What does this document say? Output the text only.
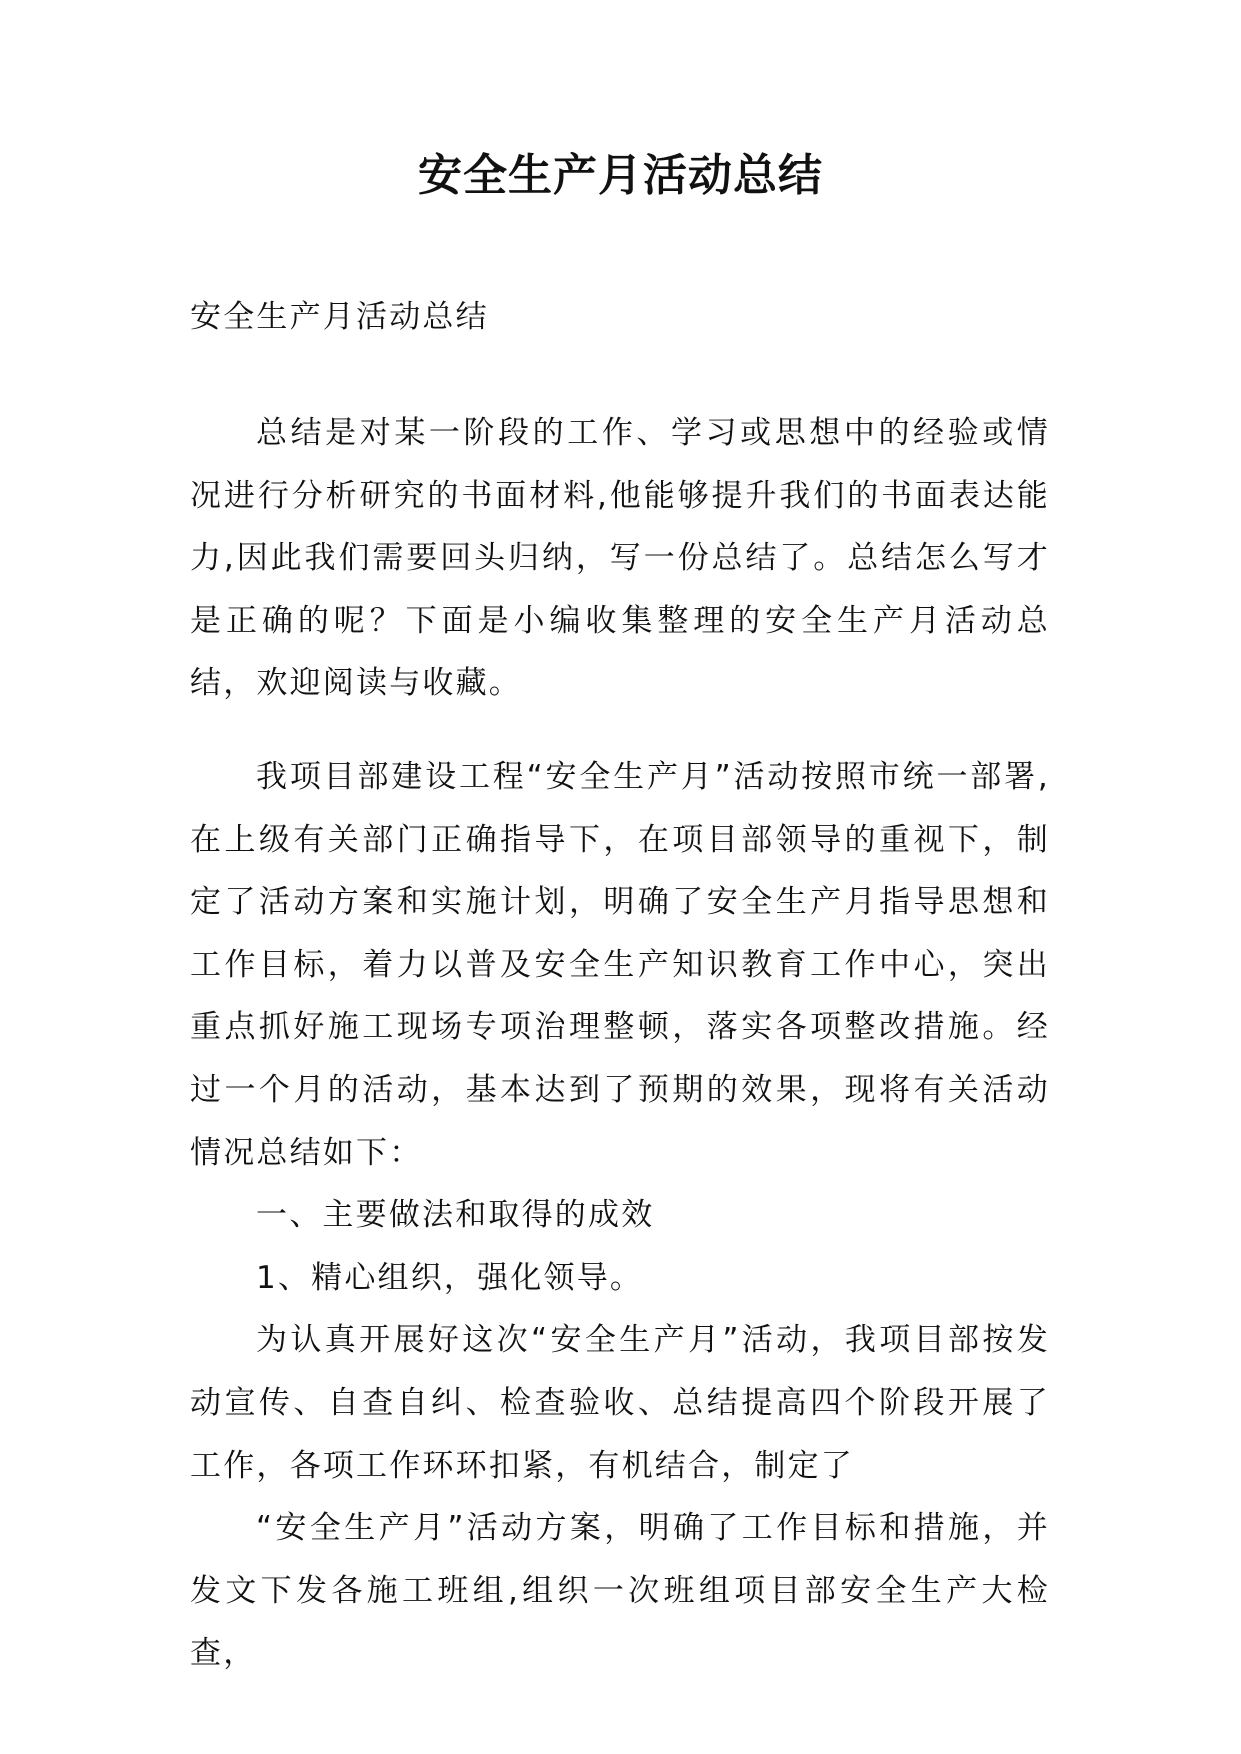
安全生产月活动总结

安全生产月活动总结

总结是对某一阶段的工作、学习或思想中的经验或情况进行分析研究的书面材料,他能够提升我们的书面表达能力,因此我们需要回头归纳，写一份总结了。总结怎么写才是正确的呢？下面是小编收集整理的安全生产月活动总结，欢迎阅读与收藏。

我项目部建设工程“安全生产月”活动按照市统一部署,在上级有关部门正确指导下，在项目部领导的重视下，制定了活动方案和实施计划，明确了安全生产月指导思想和工作目标，着力以普及安全生产知识教育工作中心，突出重点抓好施工现场专项治理整顿，落实各项整改措施。经过一个月的活动，基本达到了预期的效果，现将有关活动情况总结如下：
一、主要做法和取得的成效
1、精心组织，强化领导。
为认真开展好这次“安全生产月”活动，我项目部按发动宣传、自查自纠、检查验收、总结提高四个阶段开展了工作，各项工作环环扣紧，有机结合，制定了
“安全生产月”活动方案，明确了工作目标和措施，并发文下发各施工班组,组织一次班组项目部安全生产大检查，
